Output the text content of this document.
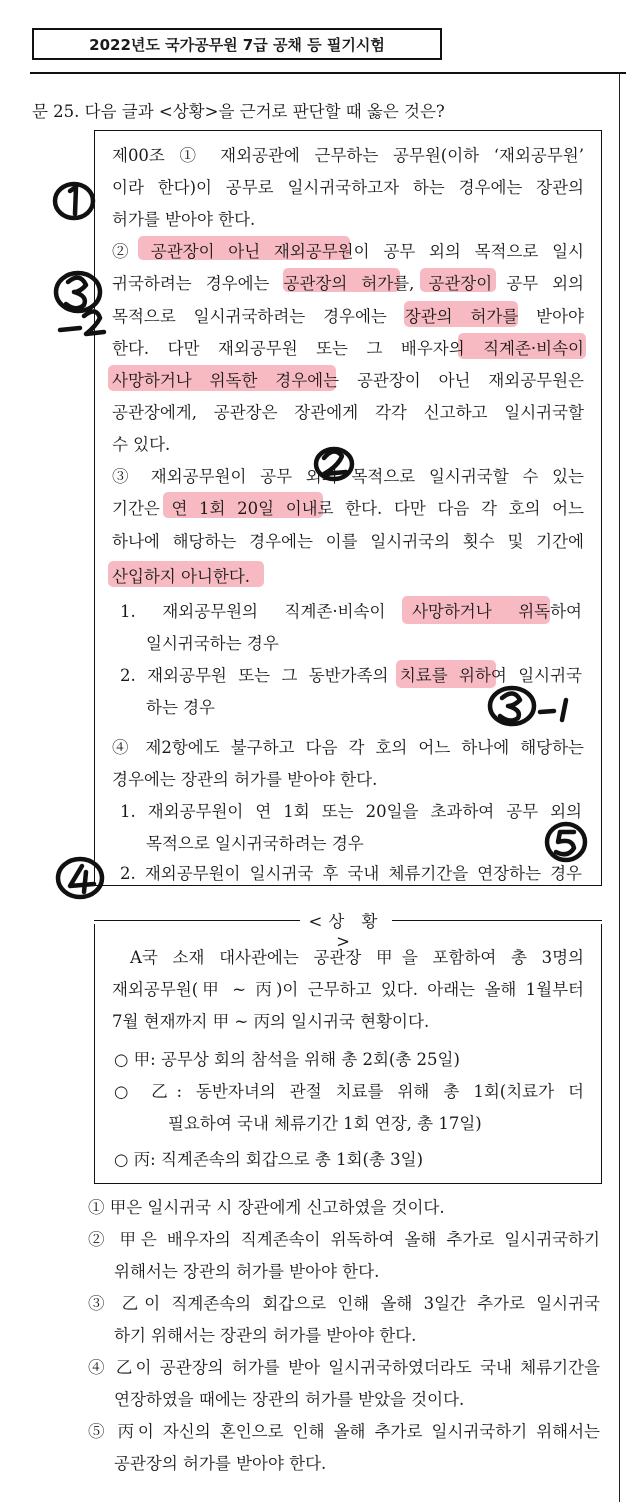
2022년도 국가공무원 7급 공채 등 필기시험
문 25. 다음 글과 <상황>을 근거로 판단할 때 옳은 것은?
제00조 ① 재외공관에 근무하는 공무원(이하 ‘재외공무원’
이라 한다)이 공무로 일시귀국하고자 하는 경우에는 장관의
허가를 받아야 한다.
② 공관장이 아닌 재외공무원이 공무 외의 목적으로 일시
귀국하려는 경우에는 공관장의 허가를, 공관장이 공무 외의
목적으로 일시귀국하려는 경우에는 장관의 허가를 받아야
한다. 다만 재외공무원 또는 그 배우자의 직계존·비속이
사망하거나 위독한 경우에는 공관장이 아닌 재외공무원은
공관장에게, 공관장은 장관에게 각각 신고하고 일시귀국할
수 있다.
③ 재외공무원이 공무 외의 목적으로 일시귀국할 수 있는
기간은 연 1회 20일 이내로 한다. 다만 다음 각 호의 어느
하나에 해당하는 경우에는 이를 일시귀국의 횟수 및 기간에
산입하지 아니한다.
1. 재외공무원의 직계존·비속이 사망하거나 위독하여
일시귀국하는 경우
2. 재외공무원 또는 그 동반가족의 치료를 위하여 일시귀국
하는 경우
④ 제2항에도 불구하고 다음 각 호의 어느 하나에 해당하는
경우에는 장관의 허가를 받아야 한다.
1. 재외공무원이 연 1회 또는 20일을 초과하여 공무 외의
목적으로 일시귀국하려는 경우
2. 재외공무원이 일시귀국 후 국내 체류기간을 연장하는 경우
<상 황>
A국 소재 대사관에는 공관장 甲을 포함하여 총 3명의
재외공무원(甲 ~ 丙)이 근무하고 있다. 아래는 올해 1월부터
7월 현재까지 甲 ~ 丙의 일시귀국 현황이다.
○ 甲: 공무상 회의 참석을 위해 총 2회(총 25일)
○ 乙: 동반자녀의 관절 치료를 위해 총 1회(치료가 더
필요하여 국내 체류기간 1회 연장, 총 17일)
○ 丙: 직계존속의 회갑으로 총 1회(총 3일)
① 甲은 일시귀국 시 장관에게 신고하였을 것이다.
② 甲은 배우자의 직계존속이 위독하여 올해 추가로 일시귀국하기
위해서는 장관의 허가를 받아야 한다.
③ 乙이 직계존속의 회갑으로 인해 올해 3일간 추가로 일시귀국
하기 위해서는 장관의 허가를 받아야 한다.
④ 乙이 공관장의 허가를 받아 일시귀국하였더라도 국내 체류기간을
연장하였을 때에는 장관의 허가를 받았을 것이다.
⑤ 丙이 자신의 혼인으로 인해 올해 추가로 일시귀국하기 위해서는
공관장의 허가를 받아야 한다.
